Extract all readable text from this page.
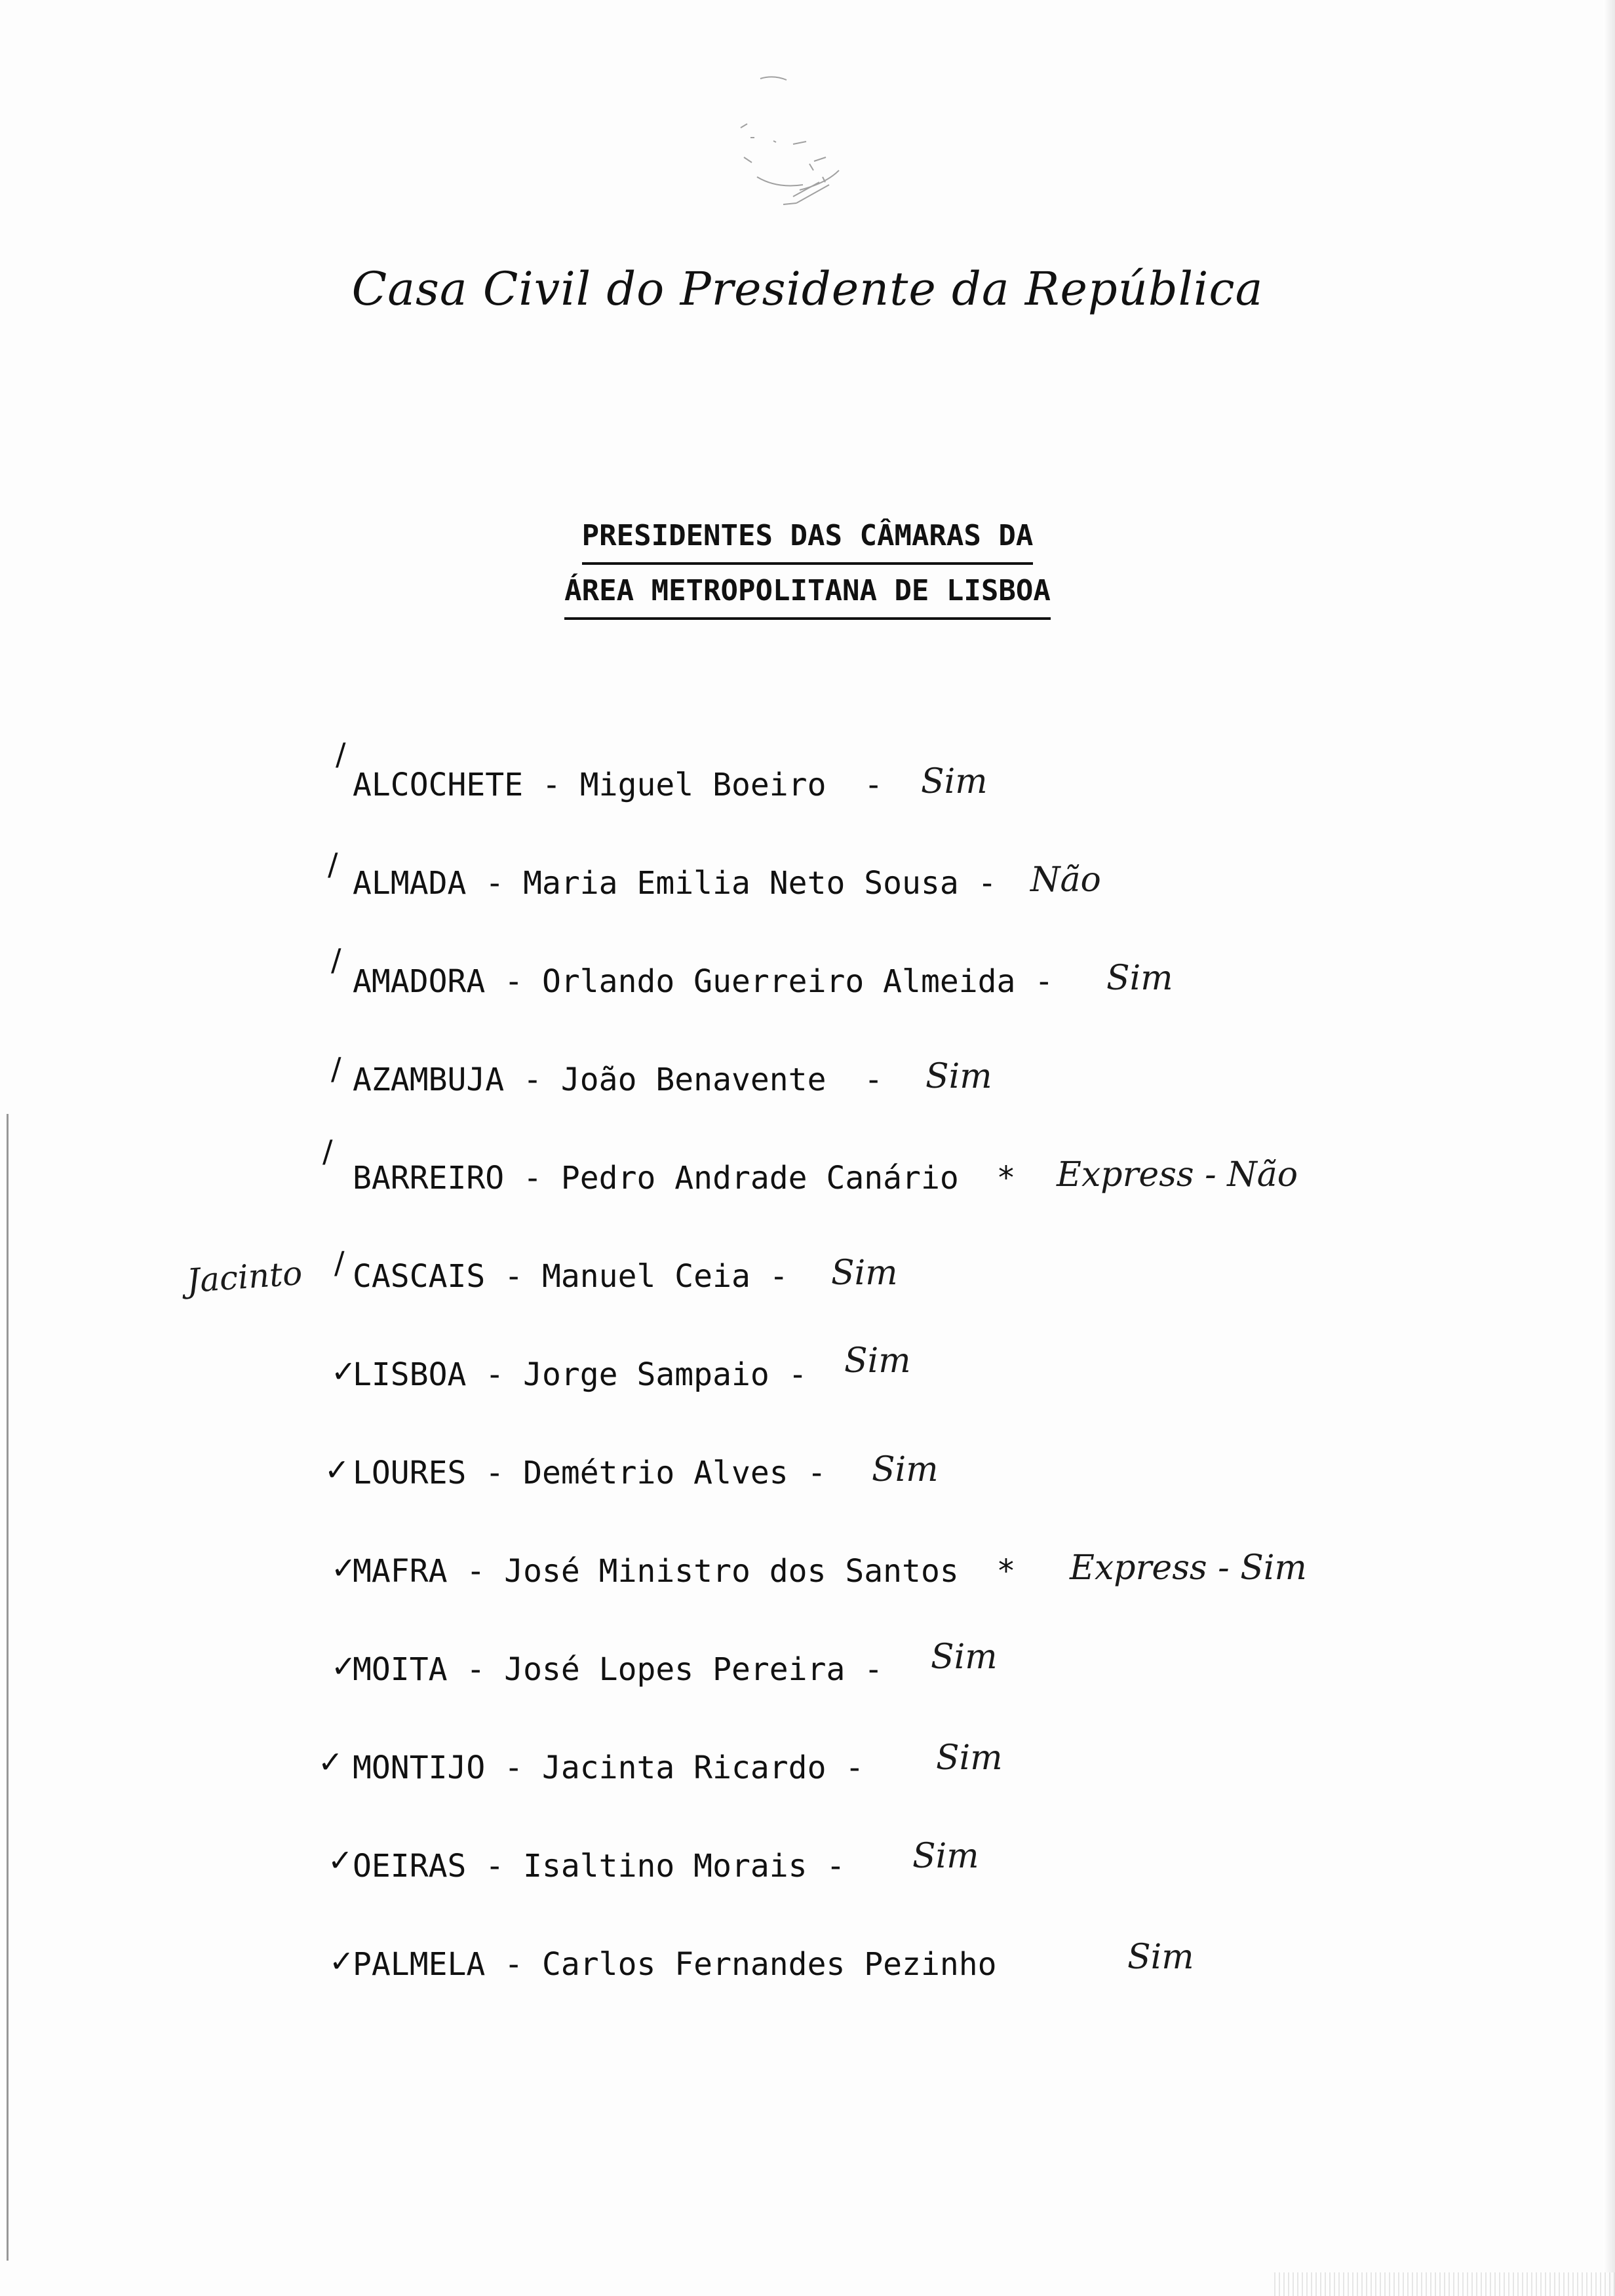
Casa Civil do Presidente da República
PRESIDENTES DAS CÂMARAS DA
ÁREA METROPOLITANA DE LISBOA
Jacinto
/
ALCOCHETE - Miguel Boeiro  - Sim
/
ALMADA - Maria Emilia Neto Sousa - Não
/
AMADORA - Orlando Guerreiro Almeida - Sim
/ AZAMBUJA - João Benavente  - Sim
/
BARREIRO - Pedro Andrade Canário  * Express - Não
/ CASCAIS - Manuel Ceia - Sim
✓
LISBOA - Jorge Sampaio - Sim
✓ LOURES - Demétrio Alves - Sim
✓
MAFRA - José Ministro dos Santos  * Express - Sim
✓
MOITA - José Lopes Pereira - Sim
✓ MONTIJO - Jacinta Ricardo - Sim
✓ OEIRAS - Isaltino Morais - Sim
✓
PALMELA - Carlos Fernandes Pezinho	Sim
